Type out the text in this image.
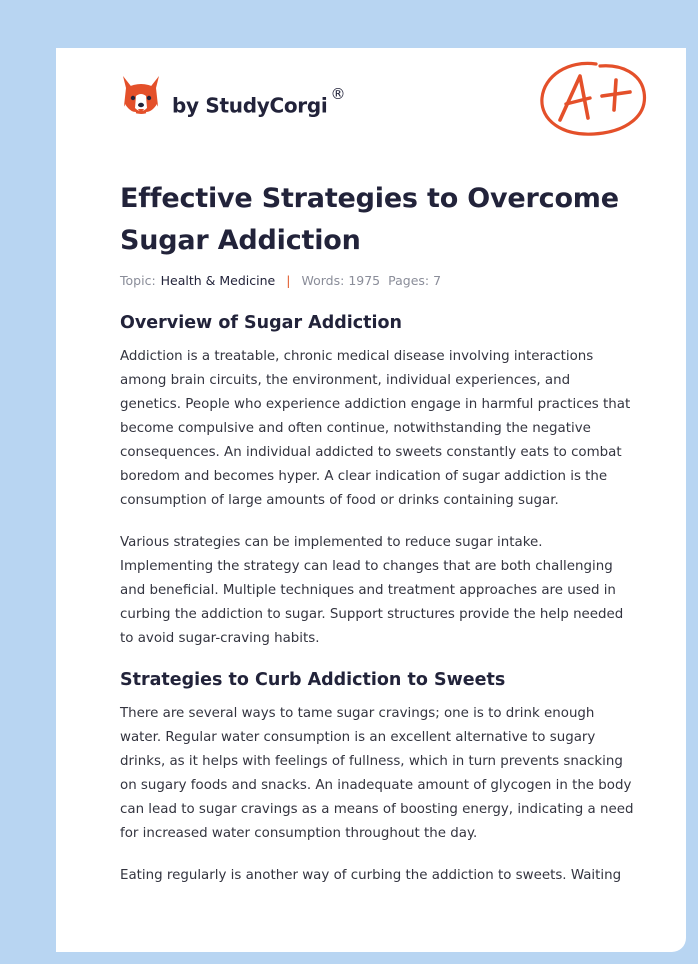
by StudyCorgi ®
Effective Strategies to Overcome Sugar Addiction
Topic: Health & Medicine | Words: 1975 Pages: 7
Overview of Sugar Addiction

Addiction is a treatable, chronic medical disease involving interactions among brain circuits, the environment, individual experiences, and genetics. People who experience addiction engage in harmful practices that become compulsive and often continue, notwithstanding the negative consequences. An individual addicted to sweets constantly eats to combat boredom and becomes hyper. A clear indication of sugar addiction is the consumption of large amounts of food or drinks containing sugar.

Various strategies can be implemented to reduce sugar intake. Implementing the strategy can lead to changes that are both challenging and beneficial. Multiple techniques and treatment approaches are used in curbing the addiction to sugar. Support structures provide the help needed to avoid sugar-craving habits.

Strategies to Curb Addiction to Sweets

There are several ways to tame sugar cravings; one is to drink enough water. Regular water consumption is an excellent alternative to sugary drinks, as it helps with feelings of fullness, which in turn prevents snacking on sugary foods and snacks. An inadequate amount of glycogen in the body can lead to sugar cravings as a means of boosting energy, indicating a need for increased water consumption throughout the day.

Eating regularly is another way of curbing the addiction to sweets. Waiting
